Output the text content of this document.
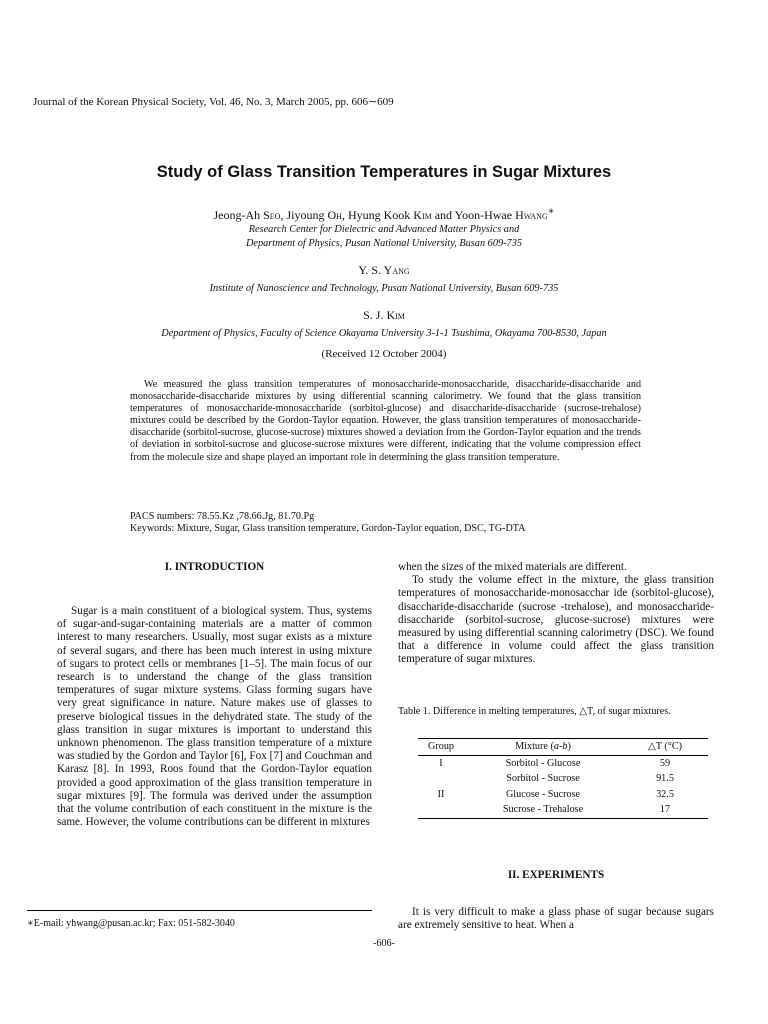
Journal of the Korean Physical Society, Vol. 46, No. 3, March 2005, pp. 606∼609
Study of Glass Transition Temperatures in Sugar Mixtures
Jeong-Ah Seo, Jiyoung Oh, Hyung Kook Kim and Yoon-Hwae Hwang∗
Research Center for Dielectric and Advanced Matter Physics and
Department of Physics, Pusan National University, Busan 609-735
Y. S. Yang
Institute of Nanoscience and Technology, Pusan National University, Busan 609-735
S. J. Kim
Department of Physics, Faculty of Science Okayama University 3-1-1 Tsushima, Okayama 700-8530, Japan
(Received 12 October 2004)

We measured the glass transition temperatures of monosaccharide-monosaccharide, disaccharide-disaccharide and monosaccharide-disaccharide mixtures by using differential scanning calorimetry. We found that the glass transition temperatures of monosaccharide-monosaccharide (sorbitol-glucose) and disaccharide-disaccharide (sucrose-trehalose) mixtures could be described by the Gordon-Taylor equation. However, the glass transition temperatures of monosaccharide-disaccharide (sorbitol-sucrose, glucose-sucrose) mixtures showed a deviation from the Gordon-Taylor equation and the trends of deviation in sorbitol-sucrose and glucose-sucrose mixtures were different, indicating that the volume compression effect from the molecule size and shape played an important role in determining the glass transition temperature.

PACS numbers: 78.55.Kz ,78.66.Jg, 81.70.Pg
Keywords: Mixture, Sugar, Glass transition temperature, Gordon-Taylor equation, DSC, TG-DTA
I. INTRODUCTION

Sugar is a main constituent of a biological system. Thus, systems of sugar-and-sugar-containing materials are a matter of common interest to many researchers. Usually, most sugar exists as a mixture of several sugars, and there has been much interest in using mixture of sugars to protect cells or membranes [1–5]. The main focus of our research is to understand the change of the glass transition temperatures of sugar mixture systems. Glass forming sugars have very great significance in nature. Nature makes use of glasses to preserve biological tissues in the dehydrated state. The study of the glass transition in sugar mixtures is important to understand this unknown phenomenon. The glass transition temperature of a mixture was studied by the Gordon and Taylor [6], Fox [7] and Couchman and Karasz [8]. In 1993, Roos found that the Gordon-Taylor equation provided a good approximation of the glass transition temperature in sugar mixtures [9]. The formula was derived under the assumption that the volume contribution of each constituent in the mixture is the same. However, the volume contributions can be different in mixtures

when the sizes of the mixed materials are different.

To study the volume effect in the mixture, the glass transition temperatures of monosaccharide-monosacchar ide (sorbitol-glucose), disaccharide-disaccharide (sucrose -trehalose), and monosaccharide-disaccharide (sorbitol-sucrose, glucose-sucrose) mixtures were measured by using differential scanning calorimetry (DSC). We found that a difference in volume could affect the glass transition temperature of sugar mixtures.

Table 1. Difference in melting temperatures, △T, of sugar mixtures.
Group	Mixture (a-b)	△T (°C)
I	Sorbitol - Glucose	59
	Sorbitol - Sucrose	91.5
II	Glucose - Sucrose	32.5
	Sucrose - Trehalose	17
II. EXPERIMENTS

It is very difficult to make a glass phase of sugar because sugars are extremely sensitive to heat. When a

∗E-mail: yhwang@pusan.ac.kr; Fax: 051-582-3040
-606-
